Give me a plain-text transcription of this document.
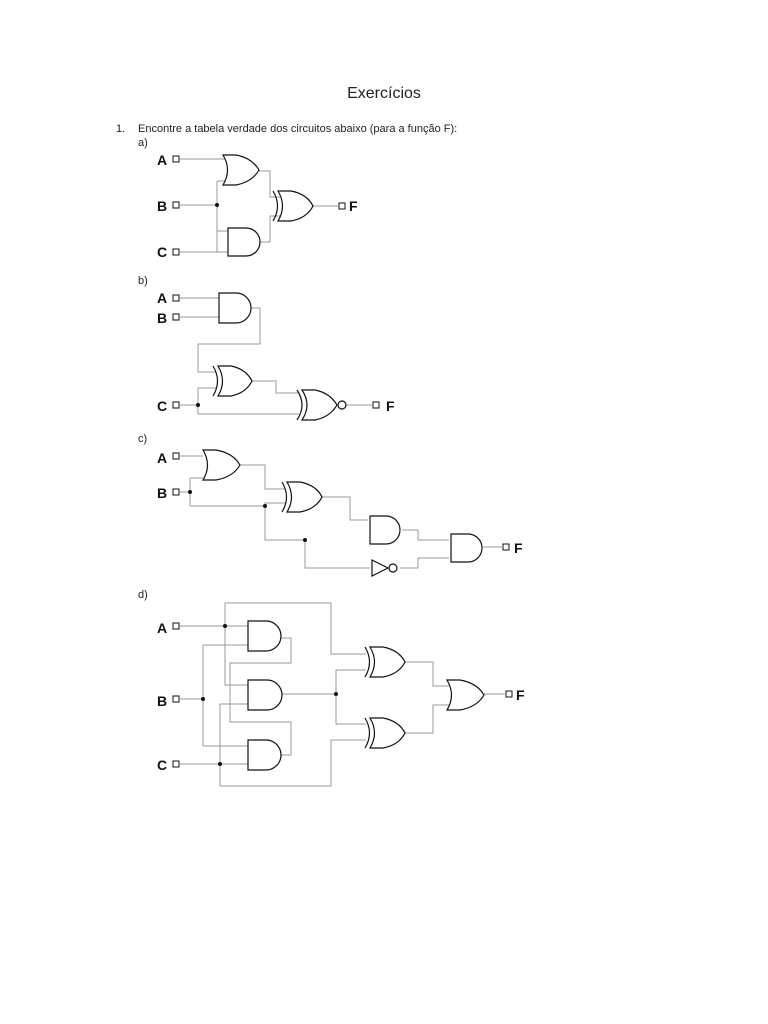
Exercícios
1. Encontre a tabela verdade dos circuitos abaixo (para a função F):
a)
b)
c)
d)
A
B
C
F
A
B
C	F
A
B
F
A
B
C
F
